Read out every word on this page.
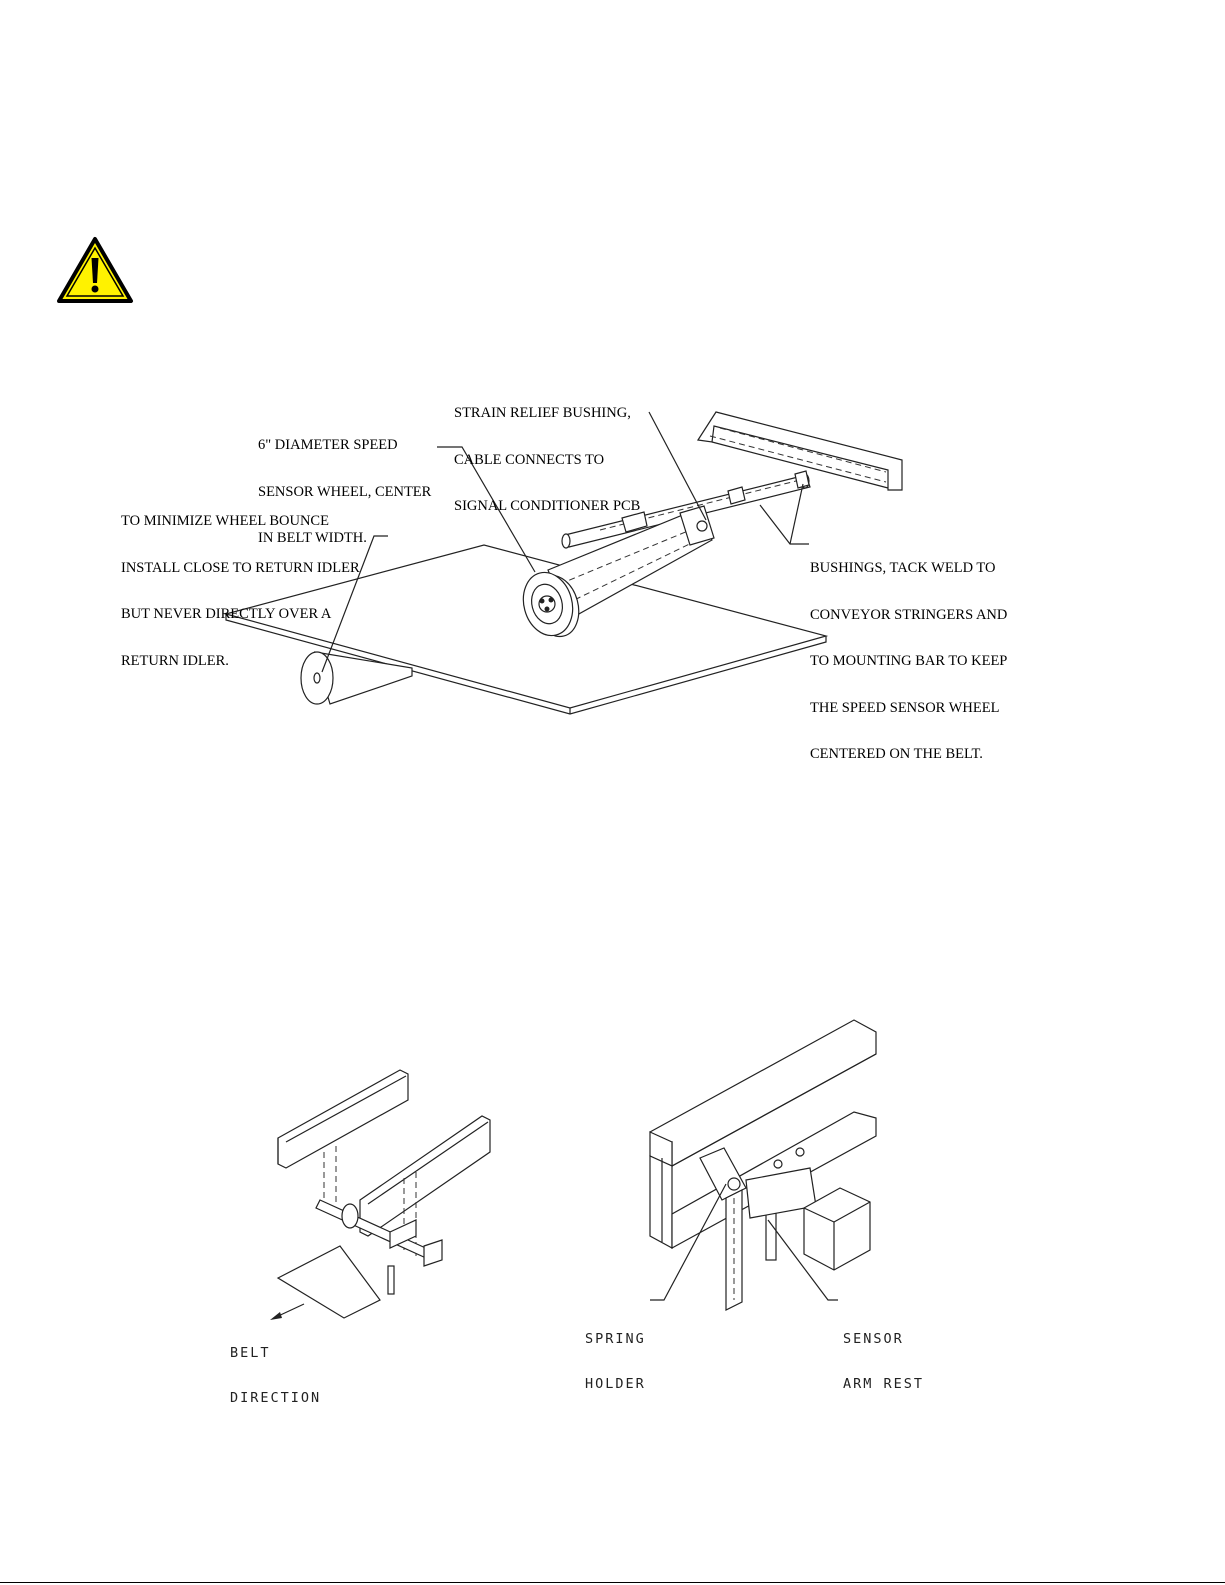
STRAIN RELIEF BUSHING,

CABLE CONNECTS TO

SIGNAL CONDITIONER PCB

6" DIAMETER SPEED

SENSOR WHEEL, CENTER

IN BELT WIDTH.

TO MINIMIZE WHEEL BOUNCE

INSTALL CLOSE TO RETURN IDLER

BUT NEVER DIRECTLY OVER A

RETURN IDLER.

BUSHINGS, TACK WELD TO

CONVEYOR STRINGERS AND

TO MOUNTING BAR TO KEEP

THE SPEED SENSOR WHEEL

CENTERED ON THE BELT.

BELT

DIRECTION

SPRING

HOLDER

SENSOR

ARM REST
